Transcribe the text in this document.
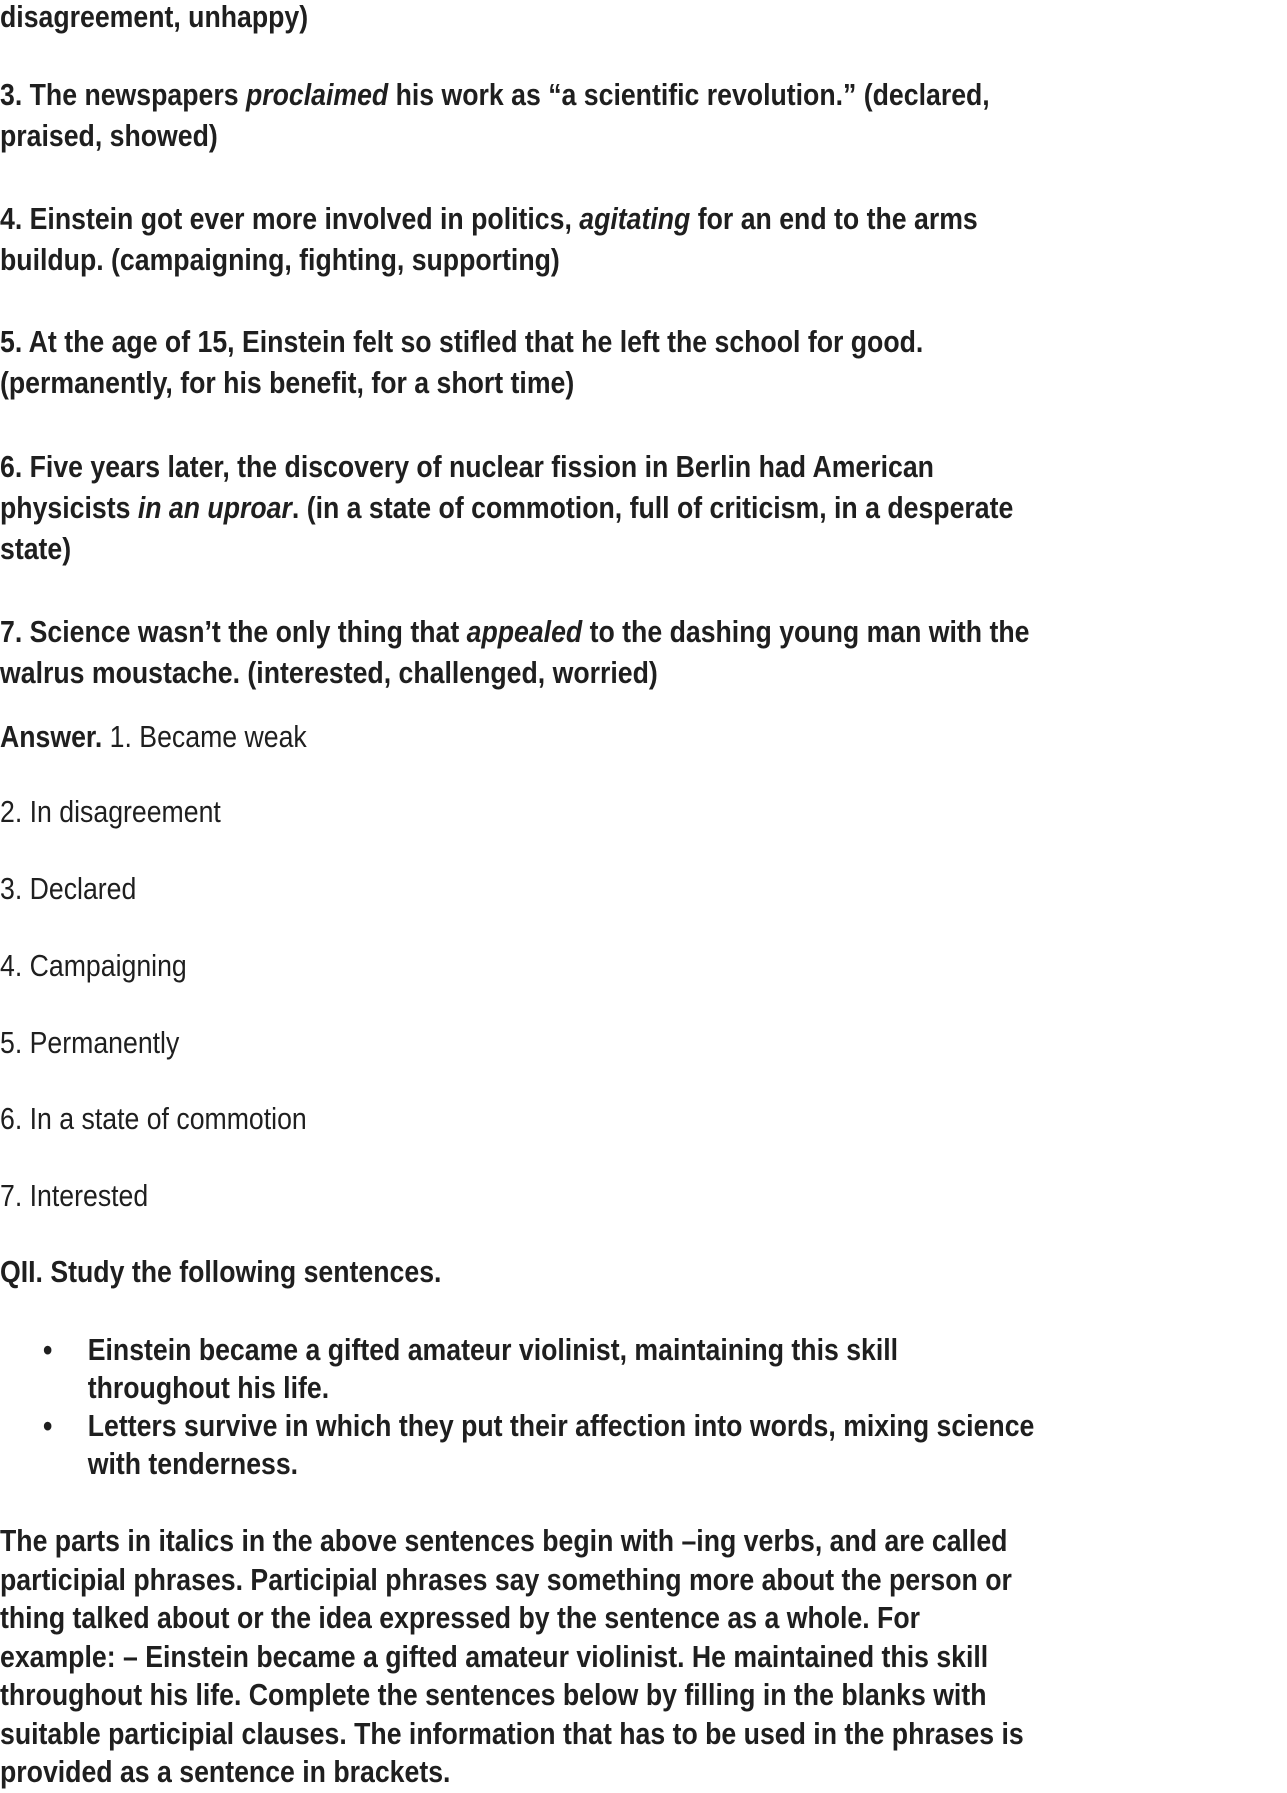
disagreement, unhappy)
3. The newspapers proclaimed his work as “a scientific revolution.” (declared,
praised, showed)
4. Einstein got ever more involved in politics, agitating for an end to the arms
buildup. (campaigning, fighting, supporting)
5. At the age of 15, Einstein felt so stifled that he left the school for good.
(permanently, for his benefit, for a short time)
6. Five years later, the discovery of nuclear fission in Berlin had American
physicists in an uproar. (in a state of commotion, full of criticism, in a desperate
state)
7. Science wasn’t the only thing that appealed to the dashing young man with the
walrus moustache. (interested, challenged, worried)
Answer. 1. Became weak
2. In disagreement
3. Declared
4. Campaigning
5. Permanently
6. In a state of commotion
7. Interested
QII. Study the following sentences.
• Einstein became a gifted amateur violinist, maintaining this skill
throughout his life.
• Letters survive in which they put their affection into words, mixing science
with tenderness.
The parts in italics in the above sentences begin with –ing verbs, and are called
participial phrases. Participial phrases say something more about the person or
thing talked about or the idea expressed by the sentence as a whole. For
example: – Einstein became a gifted amateur violinist. He maintained this skill
throughout his life. Complete the sentences below by filling in the blanks with
suitable participial clauses. The information that has to be used in the phrases is
provided as a sentence in brackets.
